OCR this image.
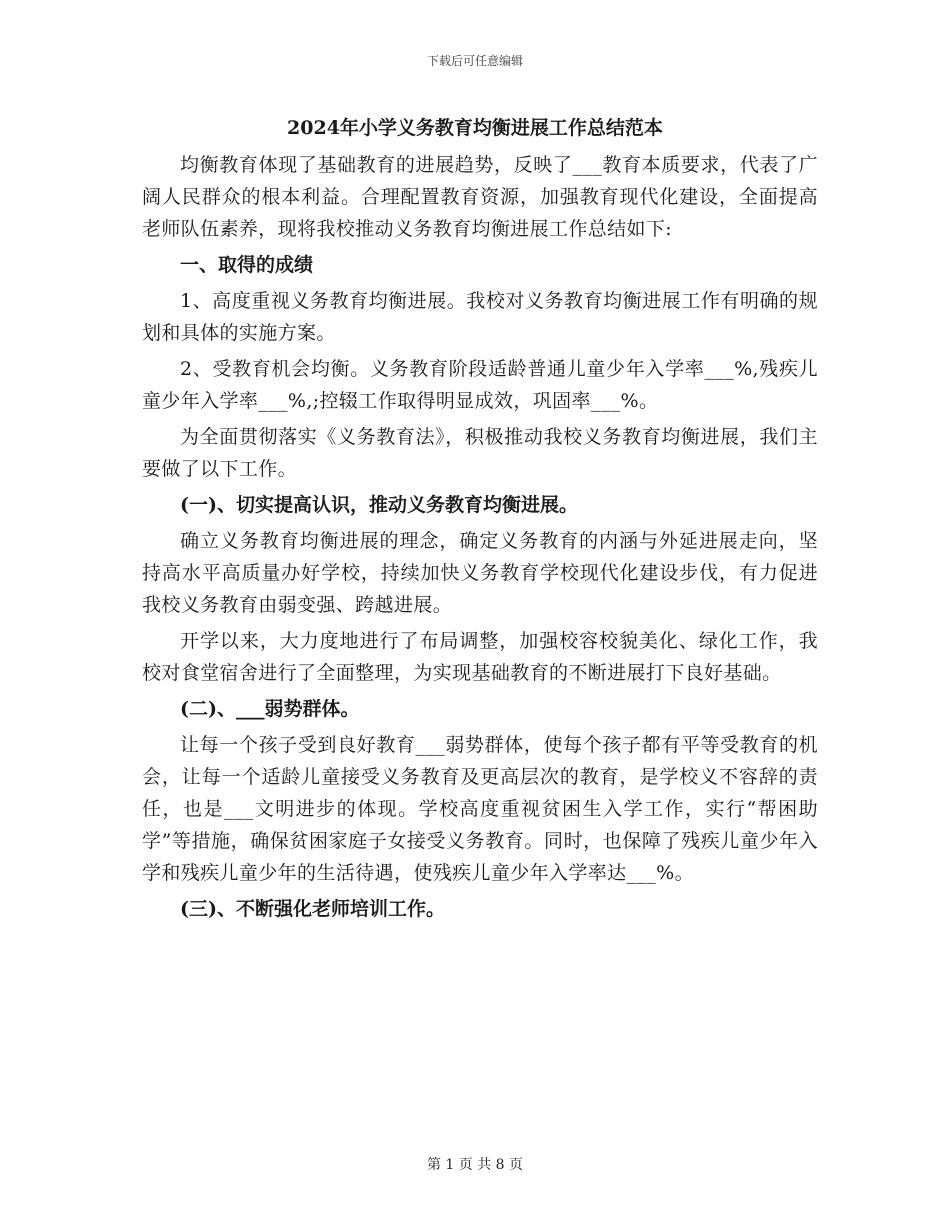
下载后可任意编辑
2024年小学义务教育均衡进展工作总结范本

均衡教育体现了基础教育的进展趋势，反映了___教育本质要求，代表了广阔人民群众的根本利益。合理配置教育资源，加强教育现代化建设，全面提高老师队伍素养，现将我校推动义务教育均衡进展工作总结如下:

一、取得的成绩

1、高度重视义务教育均衡进展。我校对义务教育均衡进展工作有明确的规划和具体的实施方案。

2、受教育机会均衡。义务教育阶段适龄普通儿童少年入学率___%,残疾儿童少年入学率___%,;控辍工作取得明显成效，巩固率___%。

为全面贯彻落实《义务教育法》，积极推动我校义务教育均衡进展，我们主要做了以下工作。

(一)、切实提高认识，推动义务教育均衡进展。

确立义务教育均衡进展的理念，确定义务教育的内涵与外延进展走向，坚持高水平高质量办好学校，持续加快义务教育学校现代化建设步伐，有力促进我校义务教育由弱变强、跨越进展。

开学以来，大力度地进行了布局调整，加强校容校貌美化、绿化工作，我校对食堂宿舍进行了全面整理，为实现基础教育的不断进展打下良好基础。

(二)、___弱势群体。

让每一个孩子受到良好教育___弱势群体，使每个孩子都有平等受教育的机会，让每一个适龄儿童接受义务教育及更高层次的教育，是学校义不容辞的责任，也是___文明进步的体现。学校高度重视贫困生入学工作，实行“帮困助学”等措施，确保贫困家庭子女接受义务教育。同时，也保障了残疾儿童少年入学和残疾儿童少年的生活待遇，使残疾儿童少年入学率达___%。

(三)、不断强化老师培训工作。

第 1 页 共 8 页
